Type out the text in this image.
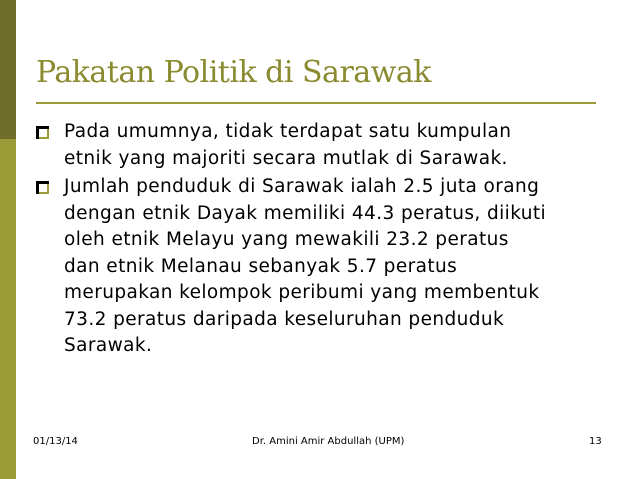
Pakatan Politik di Sarawak
Pada umumnya, tidak terdapat satu kumpulan
etnik yang majoriti secara mutlak di Sarawak.
Jumlah penduduk di Sarawak ialah 2.5 juta orang
dengan etnik Dayak memiliki 44.3 peratus, diikuti
oleh etnik Melayu yang mewakili 23.2 peratus
dan etnik Melanau sebanyak 5.7 peratus
merupakan kelompok peribumi yang membentuk
73.2 peratus daripada keseluruhan penduduk
Sarawak.
01/13/14	Dr. Amini Amir Abdullah (UPM)	13
